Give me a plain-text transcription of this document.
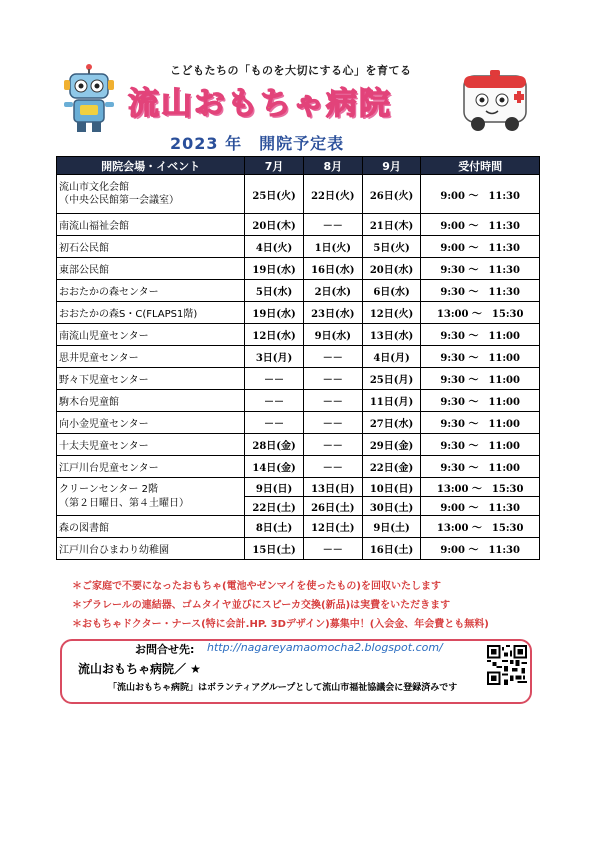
こどもたちの「ものを大切にする心」を育てる
流山おもちゃ病院
2023 年　開院予定表
開院会場・イベント	7月	8月	9月	受付時間
流山市文化会館
（中央公民館第一会議室）	25日(火)	22日(火)	26日(火)	9:00 ～　11:30
南流山福祉会館	20日(木)	－－	21日(木)	9:00 ～　11:30
初石公民館	4日(火)	1日(火)	5日(火)	9:00 ～　11:30
東部公民館	19日(水)	16日(水)	20日(水)	9:30 ～　11:30
おおたかの森センター	5日(水)	2日(水)	6日(水)	9:30 ～　11:30
おおたかの森S・C(FLAPS1階)	19日(水)	23日(水)	12日(火)	13:00 ～　15:30
南流山児童センター	12日(水)	9日(水)	13日(水)	9:30 ～　11:00
思井児童センター	3日(月)	－－	4日(月)	9:30 ～　11:00
野々下児童センター	－－	－－	25日(月)	9:30 ～　11:00
駒木台児童館	－－	－－	11日(月)	9:30 ～　11:00
向小金児童センター	－－	－－	27日(水)	9:30 ～　11:00
十太夫児童センター	28日(金)	－－	29日(金)	9:30 ～　11:00
江戸川台児童センター	14日(金)	－－	22日(金)	9:30 ～　11:00
クリーンセンター 2階
（第２日曜日、第４土曜日）	9日(日)	13日(日)	10日(日)	13:00 ～　15:30
	22日(土)	26日(土)	30日(土)	9:00 ～　11:30
森の図書館	8日(土)	12日(土)	9日(土)	13:00 ～　15:30
江戸川台ひまわり幼稚園	15日(土)	－－	16日(土)	9:00 ～　11:30
＊ご家庭で不要になったおもちゃ(電池やゼンマイを使ったもの)を回収いたします
＊プラレールの連結器、ゴムタイヤ並びにスピーカ交換(新品)は実費をいただきます
＊おもちゃドクター・ナース(特に会計.HP. 3Dデザイン)募集中！(入会金、年会費とも無料)
お問合せ先: http://nagareyamaomocha2.blogspot.com/
流山おもちゃ病院／ ★
「流山おもちゃ病院」はボランティアグループとして流山市福祉協議会に登録済みです
